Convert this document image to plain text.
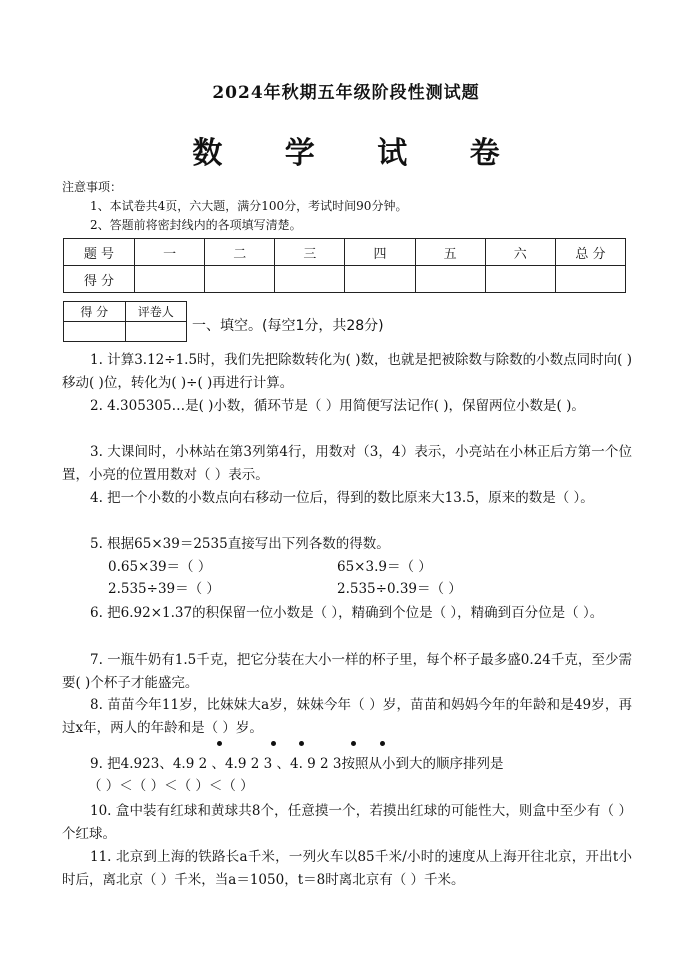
2024年秋期五年级阶段性测试题
数 学 试 卷
注意事项：
1、本试卷共4页，六大题，满分100分，考试时间90分钟。
2、答题前将密封线内的各项填写清楚。
题 号	一	二	三	四	五	六	总 分
得 分							
得 分	评卷人

一、填空。(每空1分，共28分)
1. 计算3.12÷1.5时，我们先把除数转化为( )数，也就是把被除数与除数的小数点同时向( )移动( )位，转化为( )÷( )再进行计算。
2. 4.305305…是( )小数，循环节是（ ）用简便写法记作( )，保留两位小数是( )。
3. 大课间时，小林站在第3列第4行，用数对（3，4）表示，小亮站在小林正后方第一个位置，小亮的位置用数对（ ）表示。
4. 把一个小数的小数点向右移动一位后，得到的数比原来大13.5，原来的数是（ ）。
5. 根据65×39＝2535直接写出下列各数的得数。
0.65×39＝（ ）	65×3.9＝（ ）
2.535÷39＝（ ）	2.535÷0.39＝（ ）
6. 把6.92×1.37的积保留一位小数是（ ），精确到个位是（ ），精确到百分位是（ ）。
7. 一瓶牛奶有1.5千克，把它分装在大小一样的杯子里，每个杯子最多盛0.24千克，至少需要( )个杯子才能盛完。
8. 苗苗今年11岁，比妹妹大a岁，妹妹今年（ ）岁，苗苗和妈妈今年的年龄和是49岁，再过x年，两人的年龄和是（ ）岁。
9. 把4.923、4.9 2 、4.9 2 3 、4. 9 2 3按照从小到大的顺序排列是
（ ）＜（ ）＜（ ）＜（ ）
10. 盒中装有红球和黄球共8个，任意摸一个，若摸出红球的可能性大，则盒中至少有（ ）个红球。
11. 北京到上海的铁路长a千米，一列火车以85千米/小时的速度从上海开往北京，开出t小时后，离北京（ ）千米，当a＝1050，t＝8时离北京有（ ）千米。
